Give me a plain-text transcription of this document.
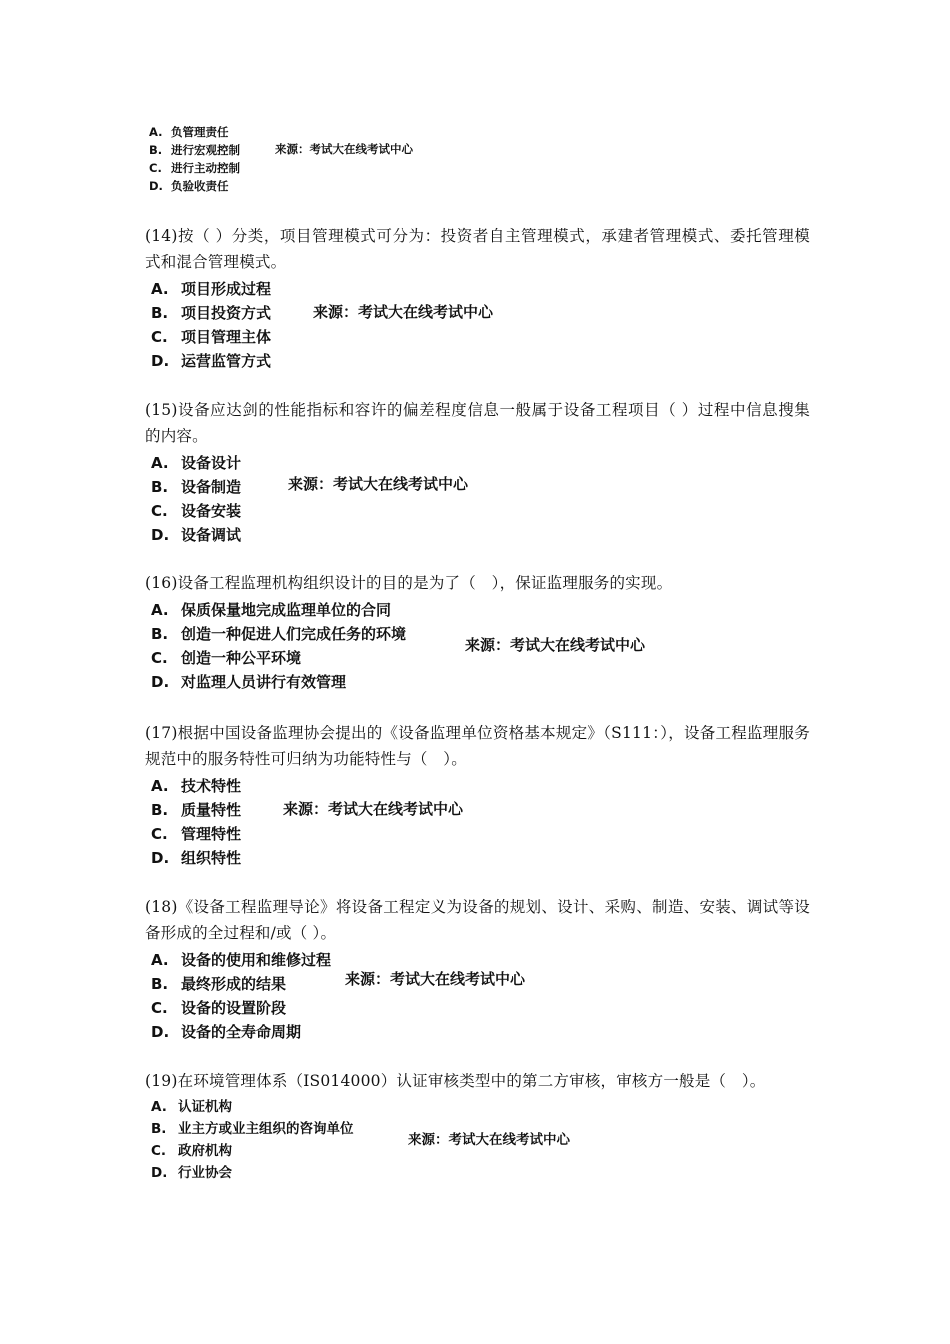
A. 负管理责任
B. 进行宏观控制
C. 进行主动控制
D. 负验收责任
来源：考试大在线考试中心

(14)按（ ）分类，项目管理模式可分为：投资者自主管理模式，承建者管理模式、委托管理模式和混合管理模式。

A. 项目形成过程
B. 项目投资方式
C. 项目管理主体
D. 运营监管方式
来源：考试大在线考试中心

(15)设备应达剑的性能指标和容许的偏差程度信息一般属于设备工程项目（ ）过程中信息搜集的内容。

A. 设备设计
B. 设备制造
C. 设备安装
D. 设备调试
来源：考试大在线考试中心

(16)设备工程监理机构组织设计的目的是为了（　），保证监理服务的实现。

A. 保质保量地完成监理单位的合同
B. 创造一种促进人们完成任务的环境
C. 创造一种公平环境
D. 对监理人员讲行有效管理
来源：考试大在线考试中心

(17)根据中国设备监理协会提出的《设备监理单位资格基本规定》（S111：），设备工程监理服务规范中的服务特性可归纳为功能特性与（　）。

A. 技术特性
B. 质量特性
C. 管理特性
D. 组织特性
来源：考试大在线考试中心

(18)《设备工程监理导论》将设备工程定义为设备的规划、设计、采购、制造、安装、调试等设备形成的全过程和/或（ ）。

A. 设备的使用和维修过程
B. 最终形成的结果
C. 设备的设置阶段
D. 设备的全寿命周期
来源：考试大在线考试中心

(19)在环境管理体系（IS014000）认证审核类型中的第二方审核，审核方一般是（　）。

A. 认证机构
B. 业主方或业主组织的咨询单位
C. 政府机构
D. 行业协会
来源：考试大在线考试中心
